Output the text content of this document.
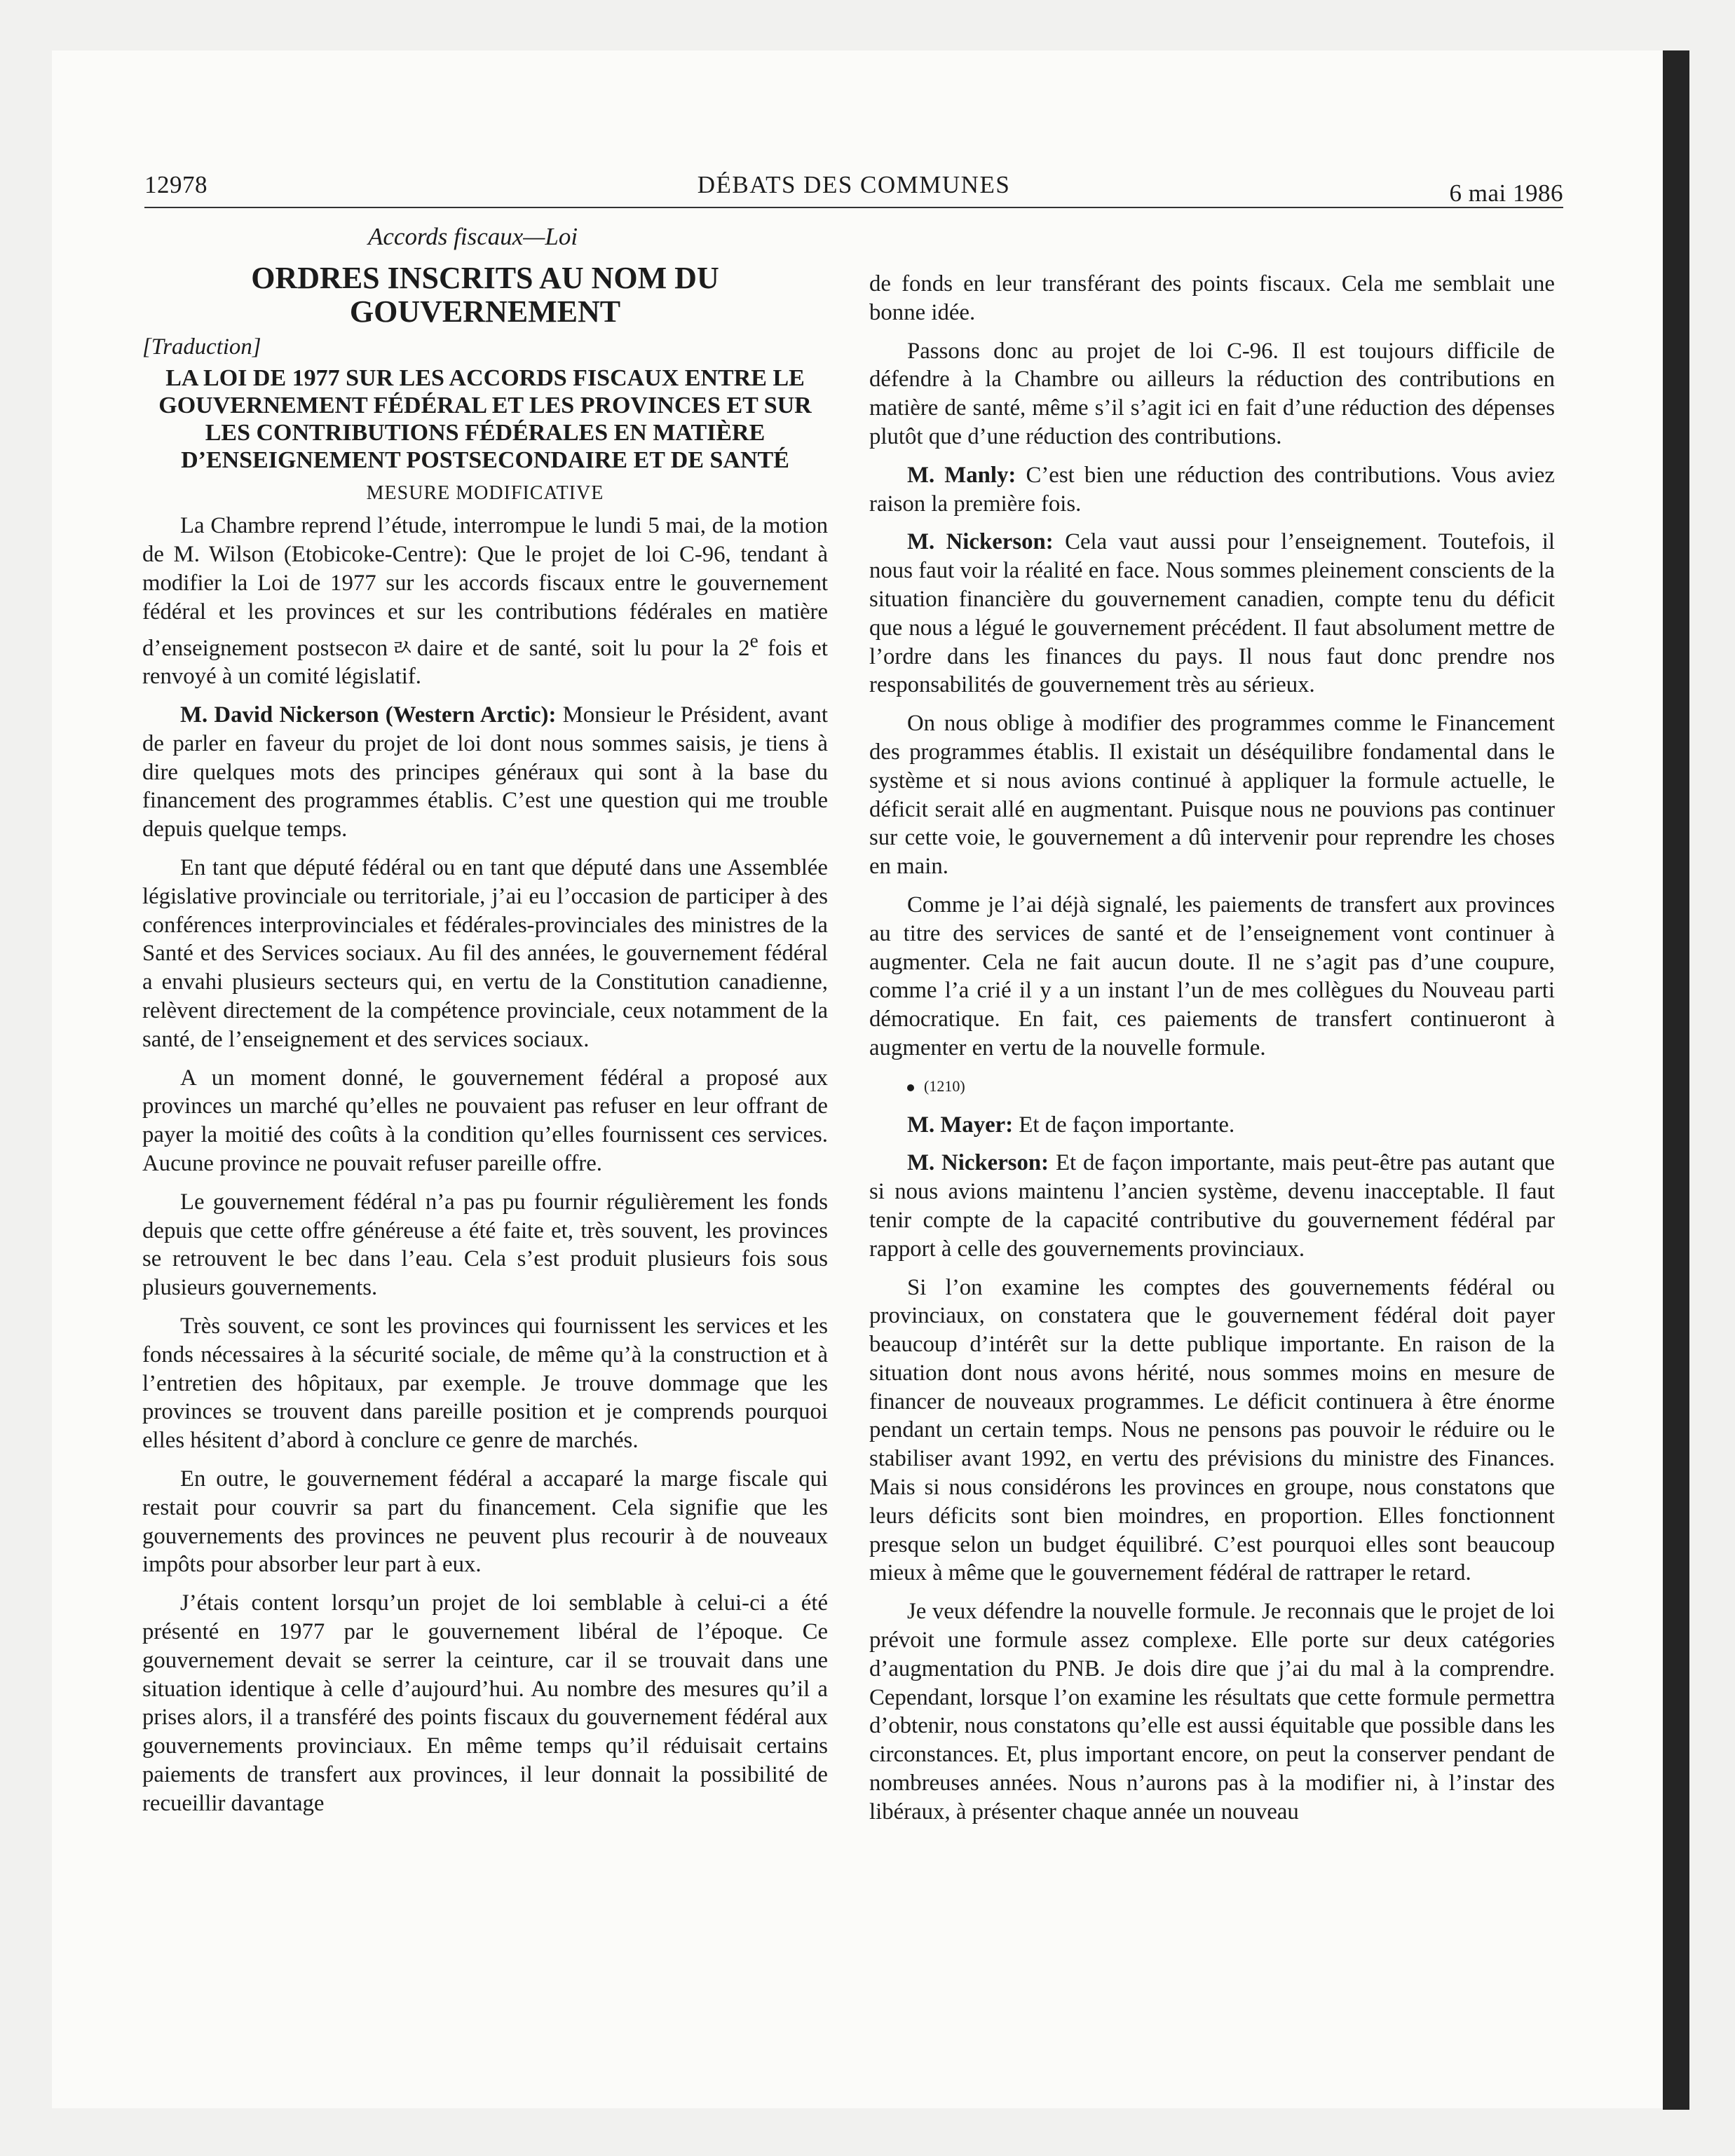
12978	DÉBATS DES COMMUNES	6 mai 1986
Accords fiscaux—Loi
ORDRES INSCRITS AU NOM DU GOUVERNEMENT
[Traduction]
LA LOI DE 1977 SUR LES ACCORDS FISCAUX ENTRE LE GOUVERNEMENT FÉDÉRAL ET LES PROVINCES ET SUR LES CONTRIBUTIONS FÉDÉRALES EN MATIÈRE D’ENSEIGNEMENT POSTSECONDAIRE ET DE SANTÉ
MESURE MODIFICATIVE

La Chambre reprend l’étude, interrompue le lundi 5 mai, de la motion de M. Wilson (Etobicoke-Centre): Que le projet de loi C-96, tendant à modifier la Loi de 1977 sur les accords fiscaux entre le gouvernement fédéral et les provinces et sur les contributions fédérales en matière d’enseignement postseconﾭdaire et de santé, soit lu pour la 2e fois et renvoyé à un comité législatif.

M. David Nickerson (Western Arctic): Monsieur le Président, avant de parler en faveur du projet de loi dont nous sommes saisis, je tiens à dire quelques mots des principes généraux qui sont à la base du financement des programmes établis. C’est une question qui me trouble depuis quelque temps.

En tant que député fédéral ou en tant que député dans une Assemblée législative provinciale ou territoriale, j’ai eu l’occasion de participer à des conférences interprovinciales et fédérales-provinciales des ministres de la Santé et des Services sociaux. Au fil des années, le gouvernement fédéral a envahi plusieurs secteurs qui, en vertu de la Constitution canadienne, relèvent directement de la compétence provinciale, ceux notamment de la santé, de l’enseignement et des services sociaux.

A un moment donné, le gouvernement fédéral a proposé aux provinces un marché qu’elles ne pouvaient pas refuser en leur offrant de payer la moitié des coûts à la condition qu’elles fournissent ces services. Aucune province ne pouvait refuser pareille offre.

Le gouvernement fédéral n’a pas pu fournir régulièrement les fonds depuis que cette offre généreuse a été faite et, très souvent, les provinces se retrouvent le bec dans l’eau. Cela s’est produit plusieurs fois sous plusieurs gouvernements.

Très souvent, ce sont les provinces qui fournissent les services et les fonds nécessaires à la sécurité sociale, de même qu’à la construction et à l’entretien des hôpitaux, par exemple. Je trouve dommage que les provinces se trouvent dans pareille position et je comprends pourquoi elles hésitent d’abord à conclure ce genre de marchés.

En outre, le gouvernement fédéral a accaparé la marge fiscale qui restait pour couvrir sa part du financement. Cela signifie que les gouvernements des provinces ne peuvent plus recourir à de nouveaux impôts pour absorber leur part à eux.

J’étais content lorsqu’un projet de loi semblable à celui-ci a été présenté en 1977 par le gouvernement libéral de l’époque. Ce gouvernement devait se serrer la ceinture, car il se trouvait dans une situation identique à celle d’aujourd’hui. Au nombre des mesures qu’il a prises alors, il a transféré des points fiscaux du gouvernement fédéral aux gouvernements provinciaux. En même temps qu’il réduisait certains paiements de transfert aux provinces, il leur donnait la possibilité de recueillir davantage

de fonds en leur transférant des points fiscaux. Cela me semblait une bonne idée.

Passons donc au projet de loi C-96. Il est toujours difficile de défendre à la Chambre ou ailleurs la réduction des contributions en matière de santé, même s’il s’agit ici en fait d’une réduction des dépenses plutôt que d’une réduction des contributions.

M. Manly: C’est bien une réduction des contributions. Vous aviez raison la première fois.

M. Nickerson: Cela vaut aussi pour l’enseignement. Toutefois, il nous faut voir la réalité en face. Nous sommes pleinement conscients de la situation financière du gouvernement canadien, compte tenu du déficit que nous a légué le gouvernement précédent. Il faut absolument mettre de l’ordre dans les finances du pays. Il nous faut donc prendre nos responsabilités de gouvernement très au sérieux.

On nous oblige à modifier des programmes comme le Financement des programmes établis. Il existait un déséquilibre fondamental dans le système et si nous avions continué à appliquer la formule actuelle, le déficit serait allé en augmentant. Puisque nous ne pouvions pas continuer sur cette voie, le gouvernement a dû intervenir pour reprendre les choses en main.

Comme je l’ai déjà signalé, les paiements de transfert aux provinces au titre des services de santé et de l’enseignement vont continuer à augmenter. Cela ne fait aucun doute. Il ne s’agit pas d’une coupure, comme l’a crié il y a un instant l’un de mes collègues du Nouveau parti démocratique. En fait, ces paiements de transfert continueront à augmenter en vertu de la nouvelle formule.

(1210)

M. Mayer: Et de façon importante.

M. Nickerson: Et de façon importante, mais peut-être pas autant que si nous avions maintenu l’ancien système, devenu inacceptable. Il faut tenir compte de la capacité contributive du gouvernement fédéral par rapport à celle des gouvernements provinciaux.

Si l’on examine les comptes des gouvernements fédéral ou provinciaux, on constatera que le gouvernement fédéral doit payer beaucoup d’intérêt sur la dette publique importante. En raison de la situation dont nous avons hérité, nous sommes moins en mesure de financer de nouveaux programmes. Le déficit continuera à être énorme pendant un certain temps. Nous ne pensons pas pouvoir le réduire ou le stabiliser avant 1992, en vertu des prévisions du ministre des Finances. Mais si nous considérons les provinces en groupe, nous constatons que leurs déficits sont bien moindres, en proportion. Elles fonctionnent presque selon un budget équilibré. C’est pourquoi elles sont beaucoup mieux à même que le gouvernement fédéral de rattraper le retard.

Je veux défendre la nouvelle formule. Je reconnais que le projet de loi prévoit une formule assez complexe. Elle porte sur deux catégories d’augmentation du PNB. Je dois dire que j’ai du mal à la comprendre. Cependant, lorsque l’on examine les résultats que cette formule permettra d’obtenir, nous constatons qu’elle est aussi équitable que possible dans les circonstances. Et, plus important encore, on peut la conserver pendant de nombreuses années. Nous n’aurons pas à la modifier ni, à l’instar des libéraux, à présenter chaque année un nouveau
